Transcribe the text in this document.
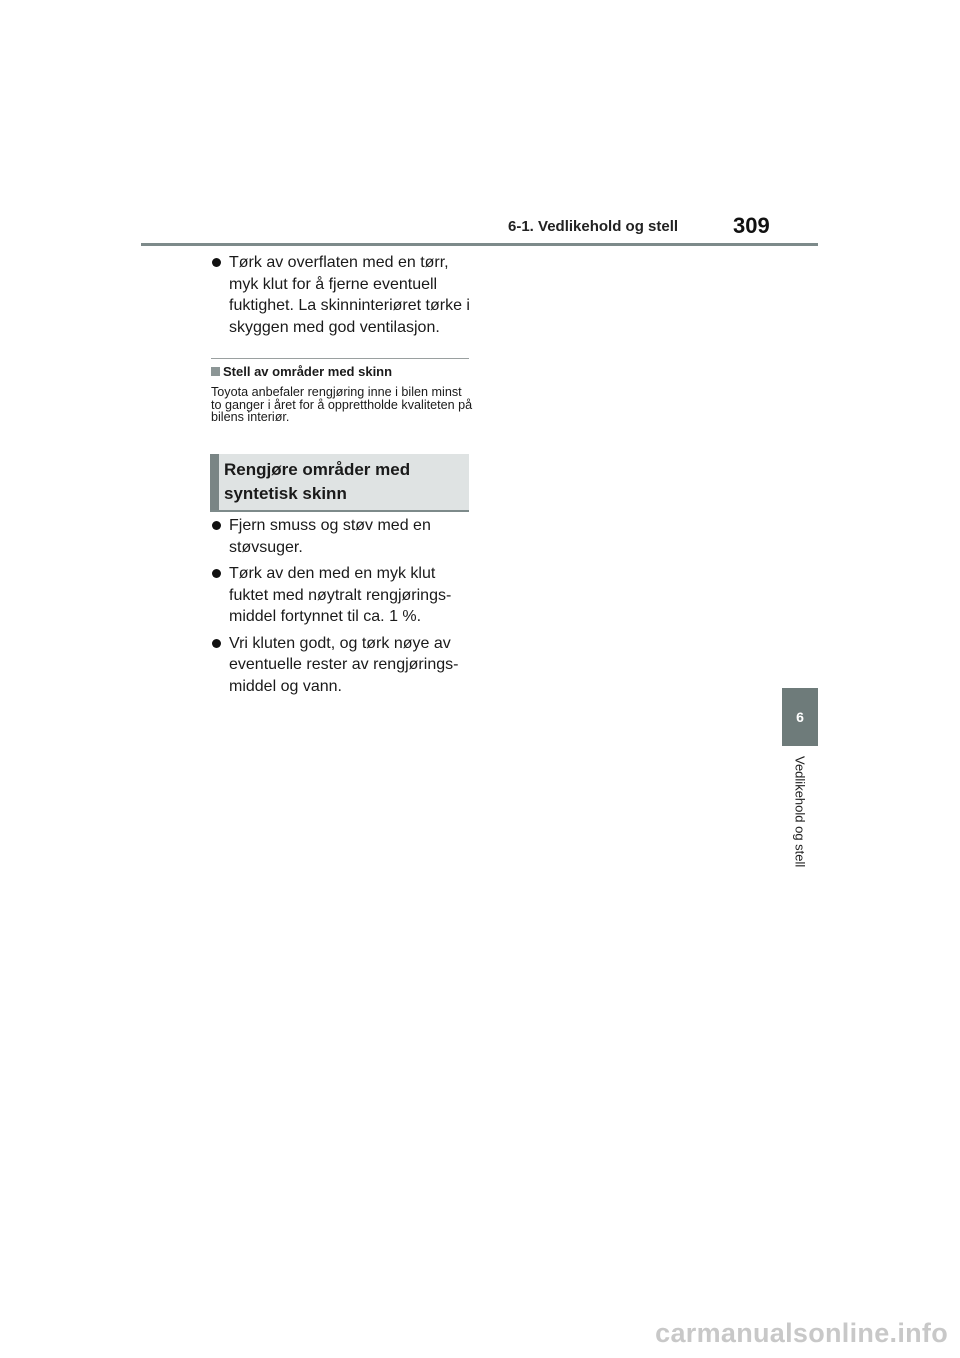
6-1. Vedlikehold og stell 309
Tørk av overflaten med en tørr, myk klut for å fjerne eventuell fuktighet. La skinninteriøret tørke i skyggen med god ventilasjon.
Stell av områder med skinn
Toyota anbefaler rengjøring inne i bilen minst to ganger i året for å opprettholde kvaliteten på bilens interiør.
Rengjøre områder med syntetisk skinn
Fjern smuss og støv med en støvsuger.
Tørk av den med en myk klut fuktet med nøytralt rengjørings-middel fortynnet til ca. 1 %.
Vri kluten godt, og tørk nøye av eventuelle rester av rengjørings-middel og vann.
6
Vedlikehold og stell
carmanualsonline.info
